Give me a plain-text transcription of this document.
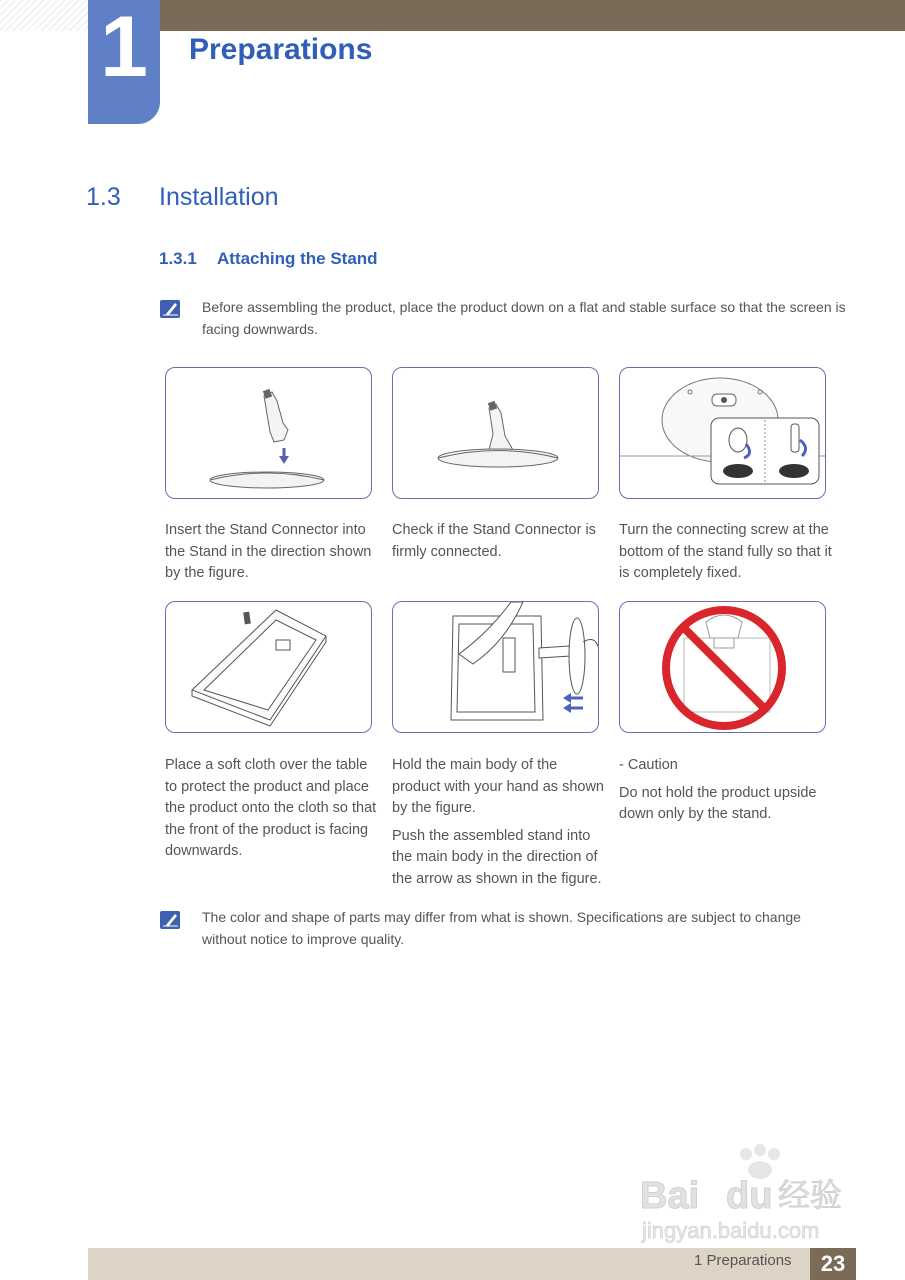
1	Preparations
1.3 Installation
1.3.1 Attaching the Stand
Before assembling the product, place the product down on a flat and stable surface so that the screen is facing downwards.

Insert the Stand Connector into the Stand in the direction shown by the figure.

Check if the Stand Connector is firmly connected.

Turn the connecting screw at the bottom of the stand fully so that it is completely fixed.

Place a soft cloth over the table to protect the product and place the product onto the cloth so that the front of the product is facing downwards.

Hold the main body of the product with your hand as shown by the figure.

Push the assembled stand into the main body in the direction of the arrow as shown in the figure.

- Caution

Do not hold the product upside down only by the stand.

The color and shape of parts may differ from what is shown. Specifications are subject to change without notice to improve quality.
Bai du 经验
jingyan.baidu.com
1 Preparations	23
